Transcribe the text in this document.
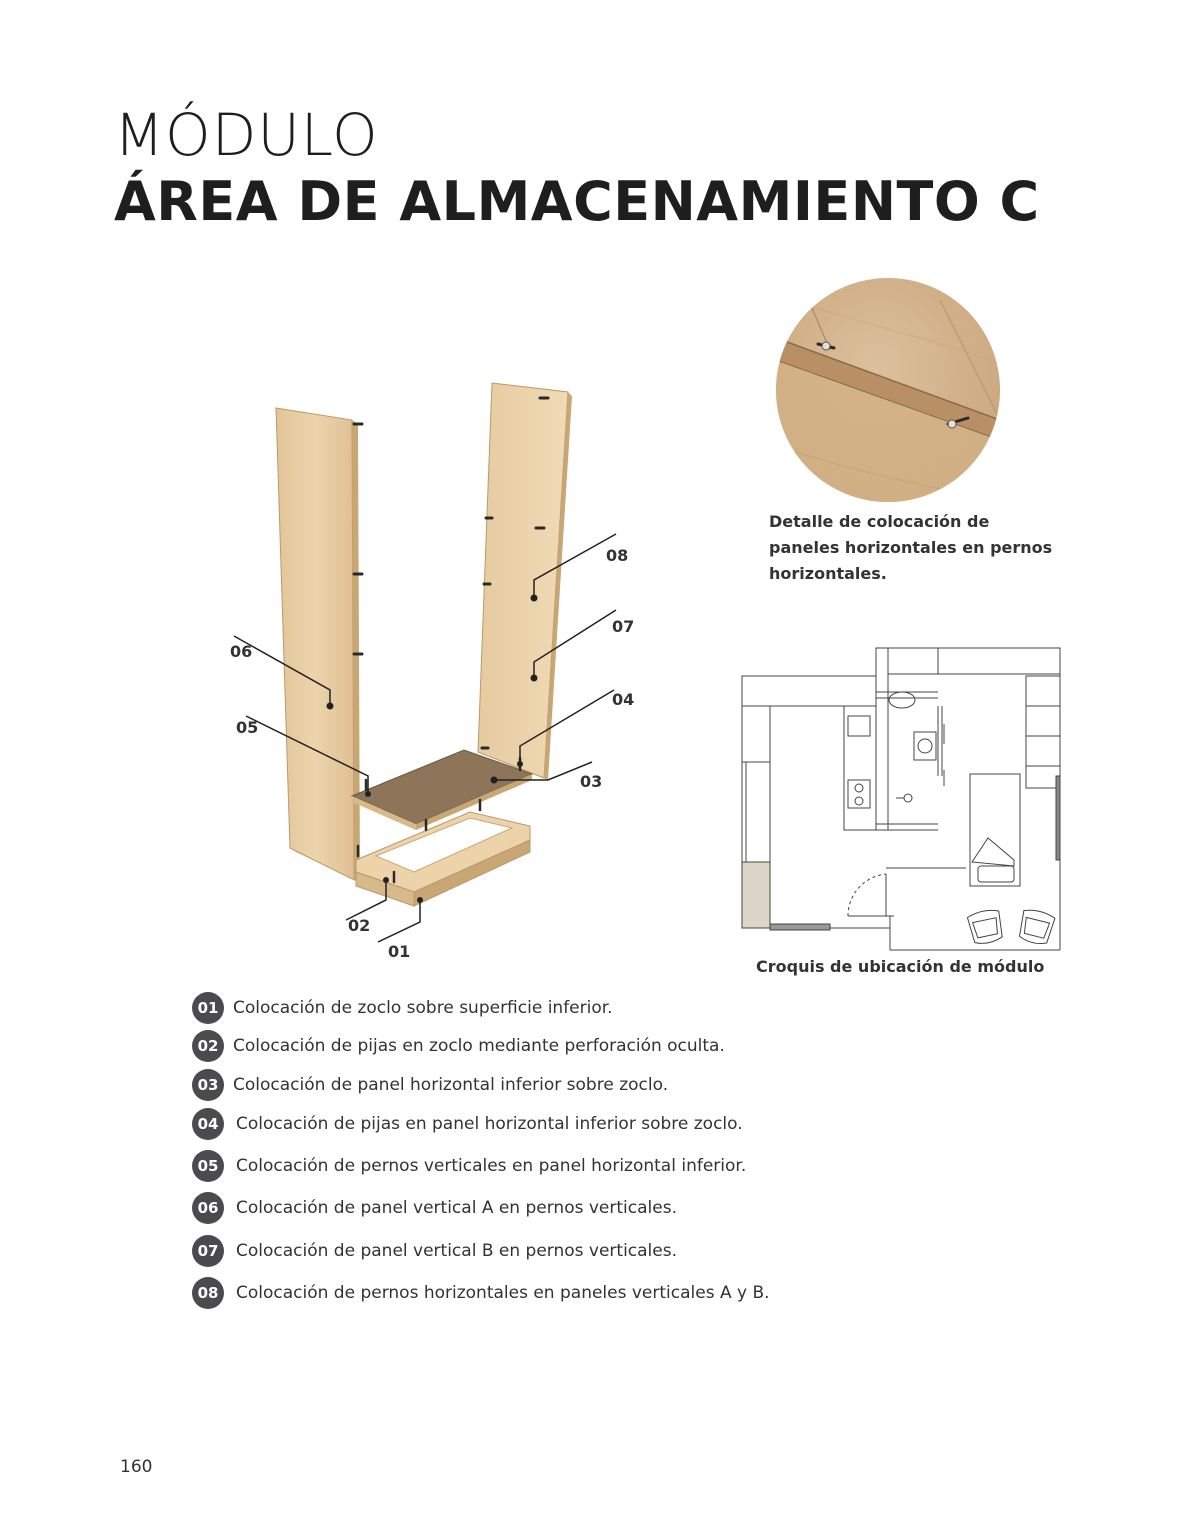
MÓDULO
ÁREA DE ALMACENAMIENTO C
01
02
03
04
05
06
07
08
Detalle de colocación de
paneles horizontales en pernos
horizontales.
Croquis de ubicación de módulo
01 Colocación de zoclo sobre superficie inferior.
02 Colocación de pijas en zoclo mediante perforación oculta.
03 Colocación de panel horizontal inferior sobre zoclo.
04	Colocación de pijas en panel horizontal inferior sobre zoclo.
05	Colocación de pernos verticales en panel horizontal inferior.
06	Colocación de panel vertical A en pernos verticales.
07	Colocación de panel vertical B en pernos verticales.
08	Colocación de pernos horizontales en paneles verticales A y B.
160
